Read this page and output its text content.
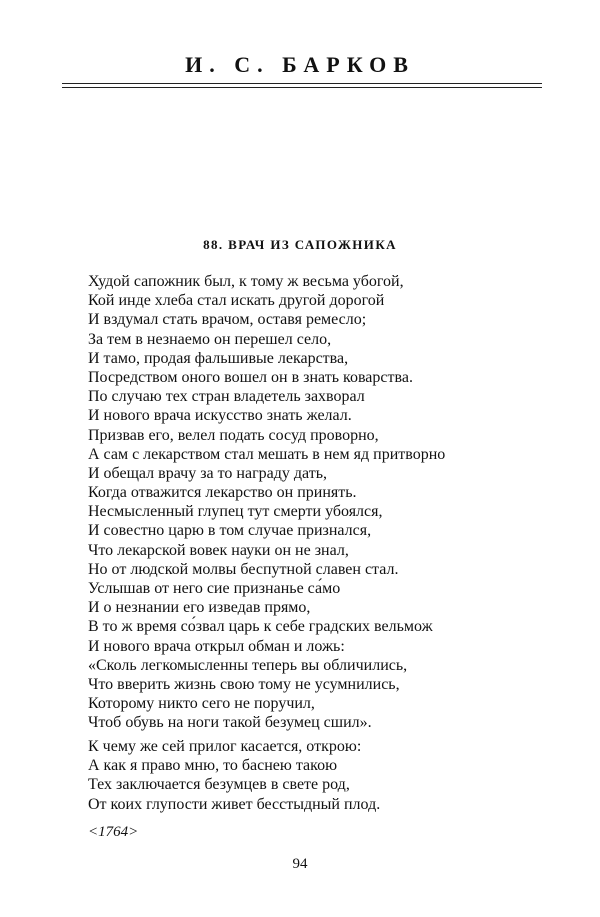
И. С. БАРКОВ
88. ВРАЧ ИЗ САПОЖНИКА
Худой сапожник был, к тому ж весьма убогой,
Кой инде хлеба стал искать другой дорогой
И вздумал стать врачом, оставя ремесло;
За тем в незнаемо он перешел село,
И тамо, продая фальшивые лекарства,
Посредством оного вошел он в знать коварства.
По случаю тех стран владетель захворал
И нового врача искусство знать желал.
Призвав его, велел подать сосуд проворно,
А сам с лекарством стал мешать в нем яд притворно
И обещал врачу за то награду дать,
Когда отважится лекарство он принять.
Несмысленный глупец тут смерти убоялся,
И совестно царю в том случае признался,
Что лекарской вовек науки он не знал,
Но от людской молвы беспутной славен стал.
Услышав от него сие признанье са́мо
И о незнании его изведав прямо,
В то ж время со́звал царь к себе градских вельмож
И нового врача открыл обман и ложь:
«Сколь легкомысленны теперь вы обличились,
Что вверить жизнь свою тому не усумнились,
Которому никто сего не поручил,
Чтоб обувь на ноги такой безумец сшил».
К чему же сей прилог касается, открою:
А как я право мню, то баснею такою
Тех заключается безумцев в свете род,
От коих глупости живет бесстыдный плод.
<1764>
94
